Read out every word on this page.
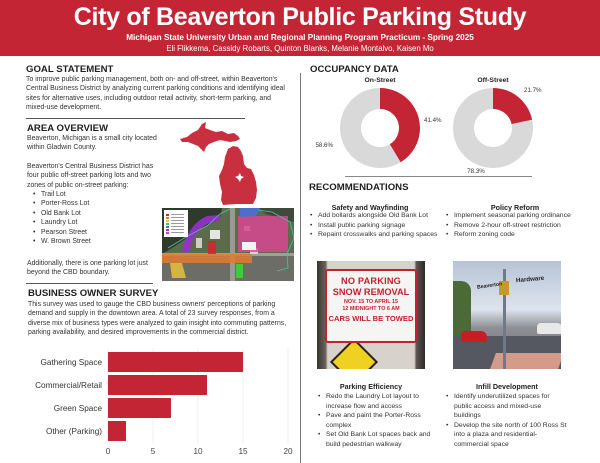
City of Beaverton Public Parking Study
Michigan State University Urban and Regional Planning Program Practicum - Spring 2025
Eli Flikkema, Cassidy Robarts, Quinton Blanks, Melanie Montalvo, Kaisen Mo
GOAL STATEMENT
To improve public parking management, both on- and off-street, within Beaverton's Central Business District by analyzing current parking conditions and identifying ideal sites for alternative uses, including outdoor retail activity, short-term parking, and mixed-use development.
AREA OVERVIEW
Beaverton, Michigan is a small city located within Gladwin County.
Beaverton's Central Business District has four public off-street parking lots and two zones of public on-street parking:
• Trail Lot
• Porter-Ross Lot
• Old Bank Lot
• Laundry Lot
• Pearson Street
• W. Brown Street
Additionally, there is one parking lot just beyond the CBD boundary.
BUSINESS OWNER SURVEY
This survey was used to gauge the CBD business owners' perceptions of parking demand and supply in the downtown area. A total of 23 survey responses, from a diverse mix of business types were analyzed to gain insight into commuting patterns, parking availability, and desired improvements in the commercial district.
0	5	10	15	20
Gathering Space
Commercial/Retail
Green Space
Other (Parking)
OCCUPANCY DATA
On-Street
41.4%
58.6%
Off-Street
21.7%
78.3%
RECOMMENDATIONS
Safety and Wayfinding
• Add bollards alongside Old Bank Lot
• Install public parking signage
• Repaint crosswalks and parking spaces
Policy Reform
• Implement seasonal parking ordinance
• Remove 2-hour off-street restriction
• Reform zoning code
NO PARKING
SNOW REMOVAL
NOV. 15 TO APRIL 15
12 MIDNIGHT TO 6 AM
CARS WILL BE TOWED
Beaverton
Hardware
Parking Efficiency
• Redo the Laundry Lot layout to increase flow and access
• Pave and paint the Porter-Ross complex
• Set Old Bank Lot spaces back and build pedestrian walkway
Infill Development
• Identify underutilized spaces for public access and mixed-use buildings
• Develop the site north of 100 Ross St into a plaza and residential-commercial space
